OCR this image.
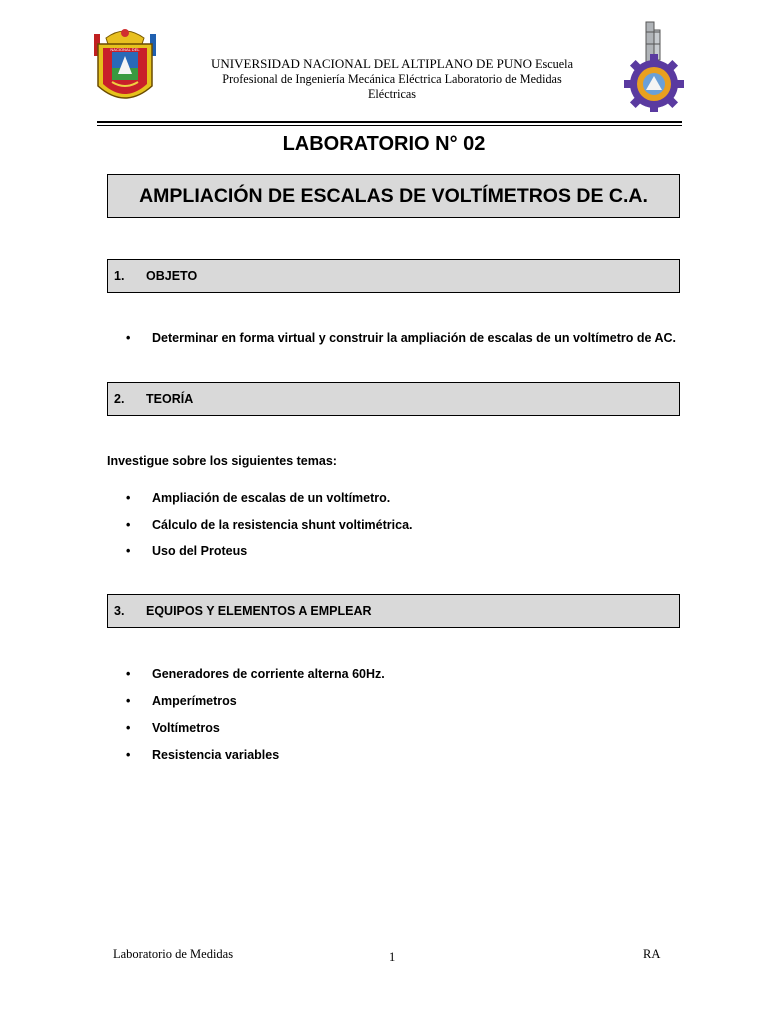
NACIONAL DEL
UNIVERSIDAD NACIONAL DEL ALTIPLANO DE PUNO Escuela
Profesional de Ingeniería Mecánica Eléctrica Laboratorio de Medidas
Eléctricas
LABORATORIO N° 02
AMPLIACIÓN DE ESCALAS DE VOLTÍMETROS DE C.A.
1.	OBJETO
•	Determinar en forma virtual y construir la ampliación de escalas de un voltímetro de AC.
2.	TEORÍA
Investigue sobre los siguientes temas:
•	Ampliación de escalas de un voltímetro.
•	Cálculo de la resistencia shunt voltimétrica.
•	Uso del Proteus
3.	EQUIPOS Y ELEMENTOS A EMPLEAR
•	Generadores de corriente alterna 60Hz.
•	Amperímetros
•	Voltímetros
•	Resistencia variables
Laboratorio de Medidas	1	RA
